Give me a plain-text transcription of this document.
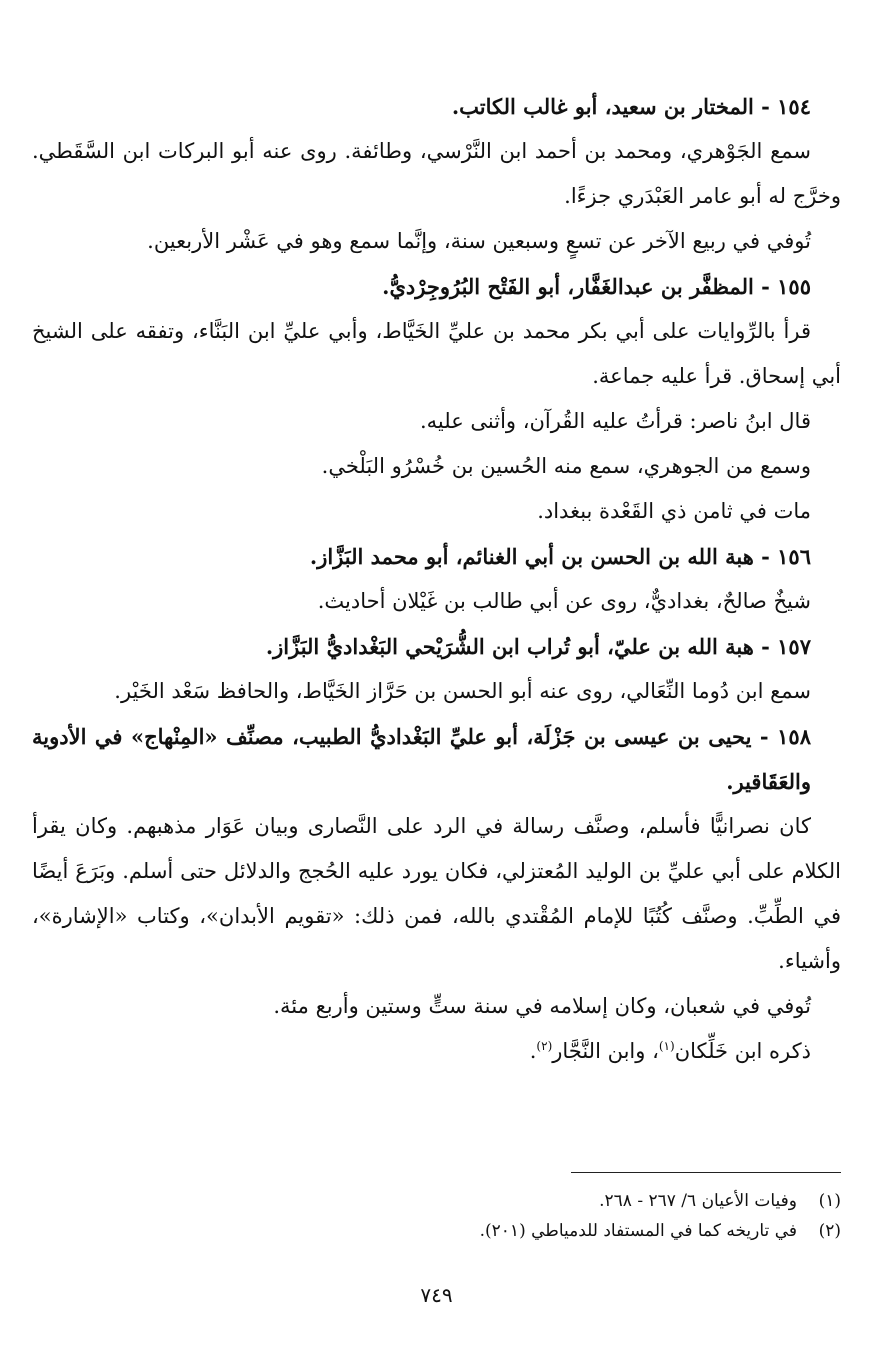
١٥٤ - المختار بن سعيد، أبو غالب الكاتب.

سمع الجَوْهري، ومحمد بن أحمد ابن النَّرْسي، وطائفة. روى عنه أبو البركات ابن السَّقَطي. وخرَّج له أبو عامر العَبْدَري جزءًا.

تُوفي في ربيع الآخر عن تسعٍ وسبعين سنة، وإنَّما سمع وهو في عَشْر الأربعين.

١٥٥ - المظفَّر بن عبدالغَفَّار، أبو الفَتْح البُرُوجِرْديُّ.

قرأ بالرِّوايات على أبي بكر محمد بن عليِّ الخَيَّاط، وأبي عليِّ ابن البَنَّاء، وتفقه على الشيخ أبي إسحاق. قرأ عليه جماعة.

قال ابنُ ناصر: قرأتُ عليه القُرآن، وأثنى عليه.

وسمع من الجوهري، سمع منه الحُسين بن خُسْرُو البَلْخي.

مات في ثامن ذي القَعْدة ببغداد.

١٥٦ - هبة الله بن الحسن بن أبي الغنائم، أبو محمد البَزَّاز.

شيخٌ صالحٌ، بغداديٌّ، روى عن أبي طالب بن غَيْلان أحاديث.

١٥٧ - هبة الله بن عليّ، أبو تُراب ابن الشُّرَيْحي البَغْداديُّ البَزَّاز.

سمع ابن دُوما النِّعَالي، روى عنه أبو الحسن بن حَرَّاز الخَيَّاط، والحافظ سَعْد الخَيْر.

١٥٨ - يحيى بن عيسى بن جَزْلَة، أبو عليِّ البَغْداديُّ الطبيب، مصنِّف «المِنْهاج» في الأدوية والعَقَاقير.

كان نصرانيًّا فأسلم، وصنَّف رسالة في الرد على النَّصارى وبيان عَوَار مذهبهم. وكان يقرأ الكلام على أبي عليِّ بن الوليد المُعتزلي، فكان يورد عليه الحُجج والدلائل حتى أسلم. وبَرَعَ أيضًا في الطِّبِّ. وصنَّف كُتُبًا للإمام المُقْتدي بالله، فمن ذلك: «تقويم الأبدان»، وكتاب «الإشارة»، وأشياء.

تُوفي في شعبان، وكان إسلامه في سنة ستٍّ وستين وأربع مئة.

ذكره ابن خَلِّكان$^{(١)}$، وابن النَّجَّار$^{(٢)}$.

(١)وفيات الأعيان ٦/ ٢٦٧ - ٢٦٨.

(٢)في تاريخه كما في المستفاد للدمياطي (٢٠١).

٧٤٩
